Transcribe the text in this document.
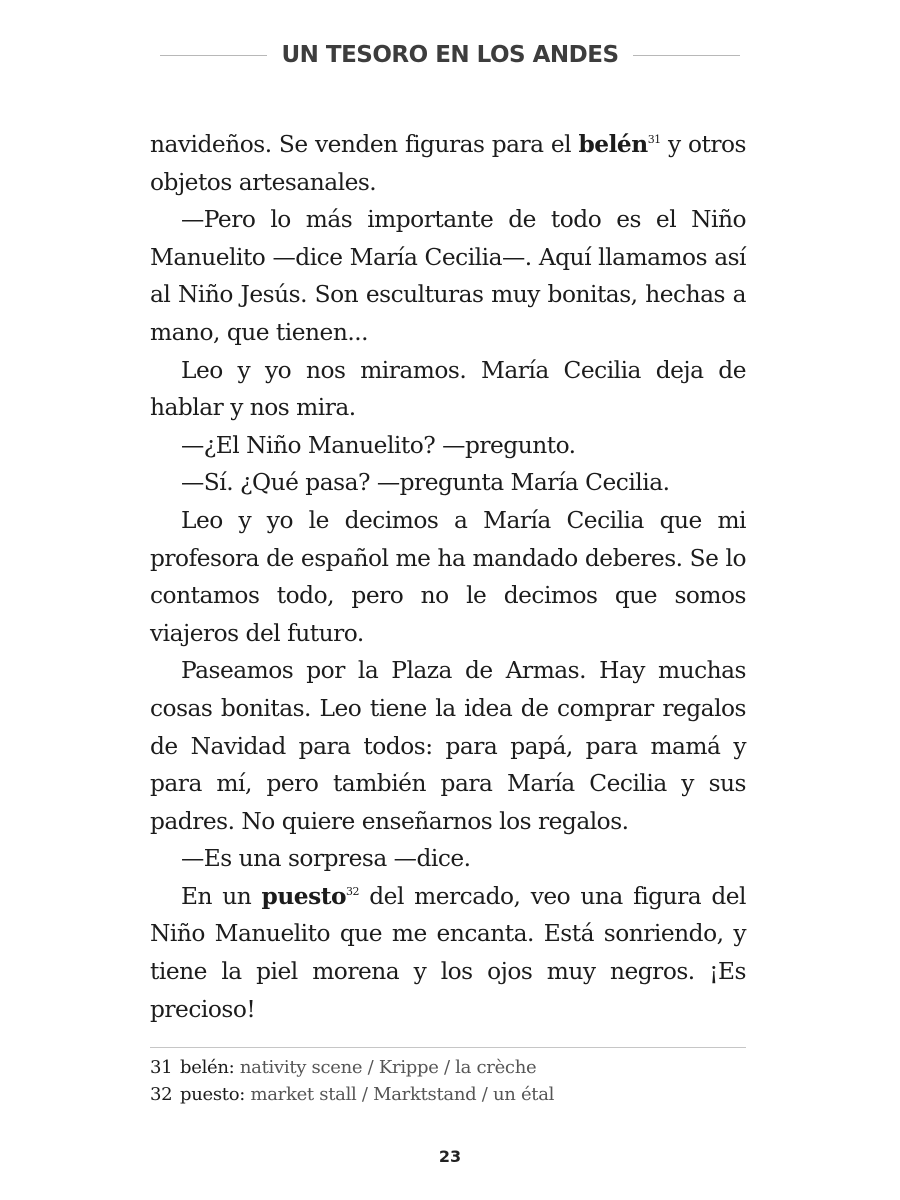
UN TESORO EN LOS ANDES

navideños. Se venden figuras para el belén$^{31}$ y otros objetos artesanales.

—Pero lo más importante de todo es el Niño Manuelito —dice María Cecilia—. Aquí llamamos así al Niño Jesús. Son esculturas muy bonitas, hechas a mano, que tienen...

Leo y yo nos miramos. María Cecilia deja de hablar y nos mira.

—¿El Niño Manuelito? —pregunto.

—Sí. ¿Qué pasa? —pregunta María Cecilia.

Leo y yo le decimos a María Cecilia que mi profesora de español me ha mandado deberes. Se lo contamos todo, pero no le decimos que somos viajeros del futuro.

Paseamos por la Plaza de Armas. Hay muchas cosas bonitas. Leo tiene la idea de comprar regalos de Navidad para todos: para papá, para mamá y para mí, pero también para María Cecilia y sus padres. No quiere enseñarnos los regalos.

—Es una sorpresa —dice.

En un puesto$^{32}$ del mercado, veo una figura del Niño Manuelito que me encanta. Está sonriendo, y tiene la piel morena y los ojos muy negros. ¡Es precioso!

31 belén: nativity scene / Krippe / la crèche
32 puesto: market stall / Marktstand / un étal
23
